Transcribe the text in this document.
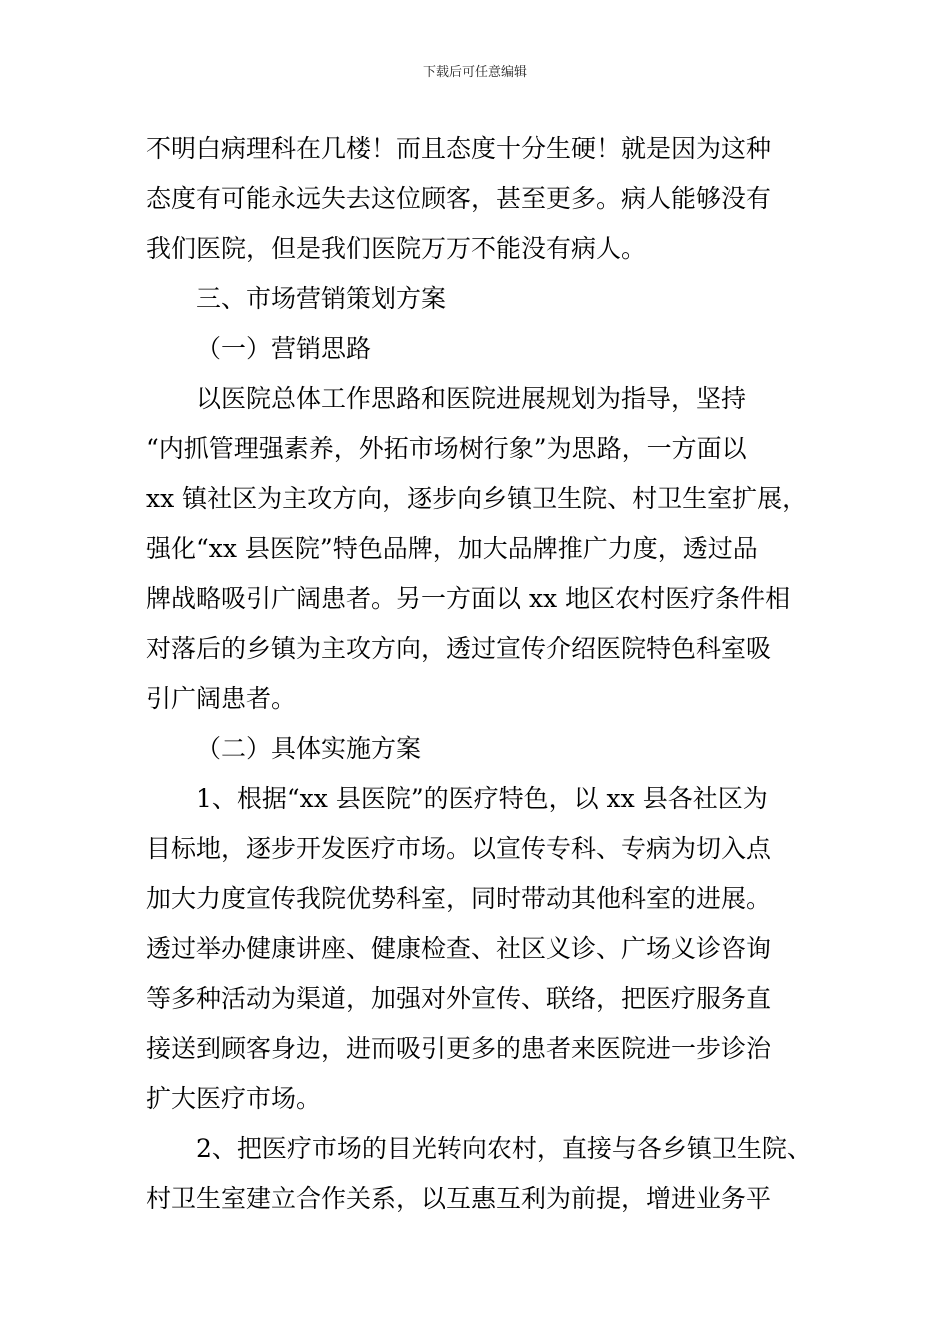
下载后可任意编辑
不明白病理科在几楼！而且态度十分生硬！就是因为这种
态度有可能永远失去这位顾客，甚至更多。病人能够没有
我们医院，但是我们医院万万不能没有病人。
三、市场营销策划方案
（一）营销思路
以医院总体工作思路和医院进展规划为指导，坚持
“内抓管理强素养，外拓市场树行象”为思路，一方面以
xx 镇社区为主攻方向，逐步向乡镇卫生院、村卫生室扩展，
强化“xx 县医院”特色品牌，加大品牌推广力度，透过品
牌战略吸引广阔患者。另一方面以 xx 地区农村医疗条件相
对落后的乡镇为主攻方向，透过宣传介绍医院特色科室吸
引广阔患者。
（二）具体实施方案
1、根据“xx 县医院”的医疗特色，以 xx 县各社区为
目标地，逐步开发医疗市场。以宣传专科、专病为切入点
加大力度宣传我院优势科室，同时带动其他科室的进展。
透过举办健康讲座、健康检查、社区义诊、广场义诊咨询
等多种活动为渠道，加强对外宣传、联络，把医疗服务直
接送到顾客身边，进而吸引更多的患者来医院进一步诊治
扩大医疗市场。
2、把医疗市场的目光转向农村，直接与各乡镇卫生院、
村卫生室建立合作关系，以互惠互利为前提，增进业务平
